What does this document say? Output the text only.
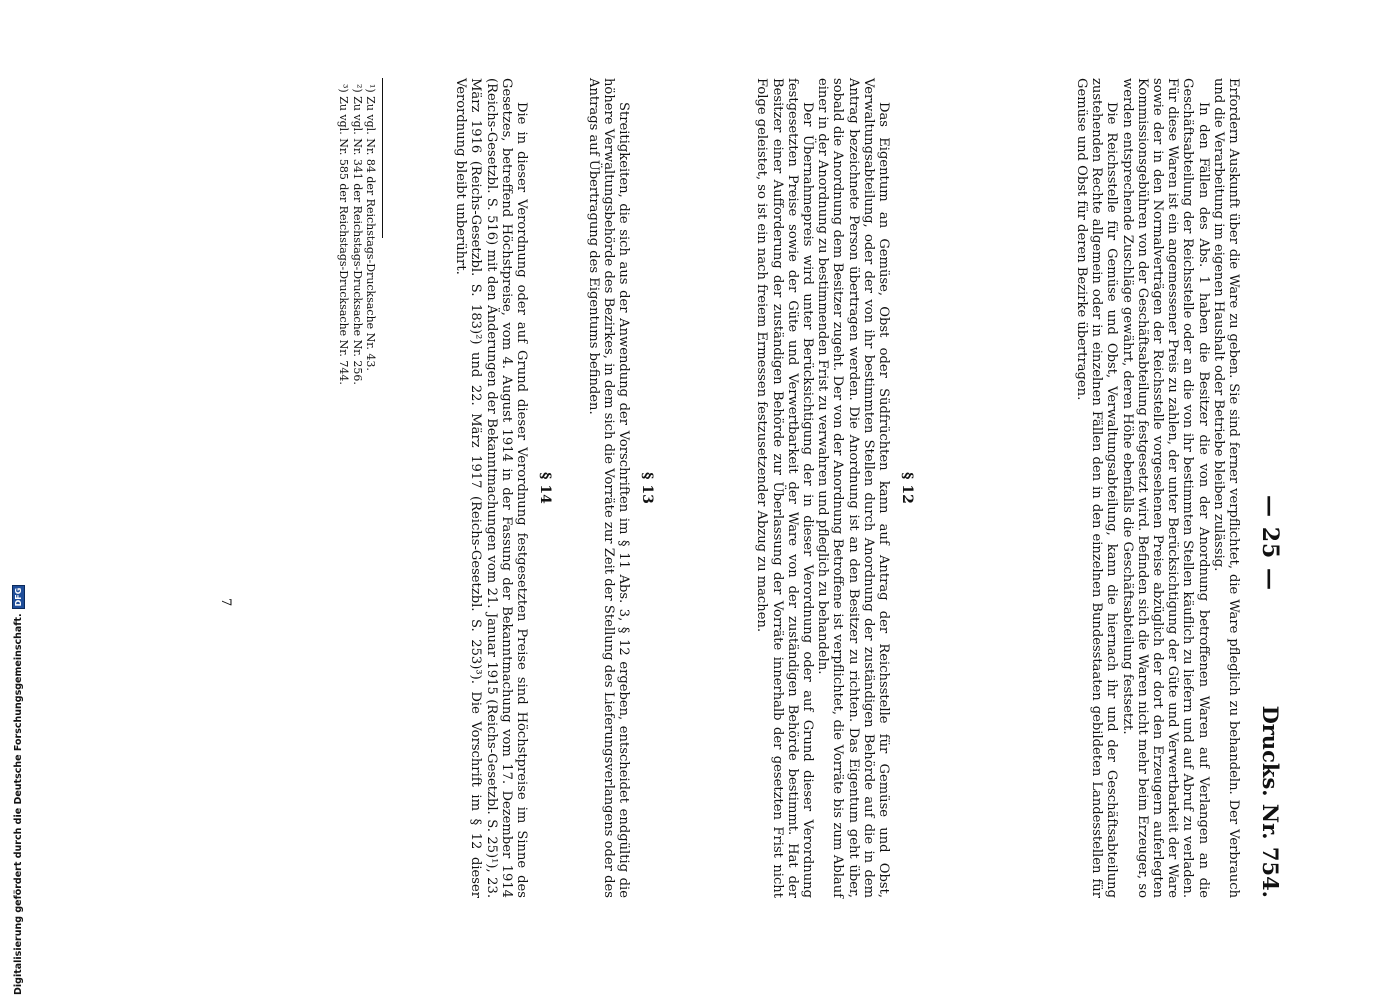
— 25 —
Drucks. Nr. 754.

Erfordern Auskunft über die Ware zu geben. Sie sind ferner verpflichtet, die Ware pfleglich zu behandeln. Der Verbrauch und die Verarbeitung im eigenen Haushalt oder Betriebe bleiben zulässig.

In den Fällen des Abs. 1 haben die Besitzer die von der Anordnung betroffenen Waren auf Verlangen an die Geschäftsabteilung der Reichsstelle oder an die von ihr bestimmten Stellen käuflich zu liefern und auf Abruf zu verladen. Für diese Waren ist ein angemessener Preis zu zahlen, der unter Berücksichtigung der Güte und Verwertbarkeit der Ware sowie der in den Normalverträgen der Reichsstelle vorgesehenen Preise abzüglich der dort den Erzeugern auferlegten Kommissionsgebühren von der Geschäftsabteilung festgesetzt wird. Befinden sich die Waren nicht mehr beim Erzeuger, so werden entsprechende Zuschläge gewährt, deren Höhe ebenfalls die Geschäftsabteilung festsetzt.

Die Reichsstelle für Gemüse und Obst, Verwaltungsabteilung, kann die hiernach ihr und der Geschäftsabteilung zustehenden Rechte allgemein oder in einzelnen Fällen den in den einzelnen Bundesstaaten gebildeten Landesstellen für Gemüse und Obst für deren Bezirke übertragen.

§ 12

Das Eigentum an Gemüse, Obst oder Südfrüchten kann auf Antrag der Reichsstelle für Gemüse und Obst, Verwaltungsabteilung, oder der von ihr bestimmten Stellen durch Anordnung der zuständigen Behörde auf die in dem Antrag bezeichnete Person übertragen werden. Die Anordnung ist an den Besitzer zu richten. Das Eigentum geht über, sobald die Anordnung dem Besitzer zugeht. Der von der Anordnung Betroffene ist verpflichtet, die Vorräte bis zum Ablauf einer in der Anordnung zu bestimmenden Frist zu verwahren und pfleglich zu behandeln.

Der Übernahmepreis wird unter Berücksichtigung der in dieser Verordnung oder auf Grund dieser Verordnung festgesetzten Preise sowie der Güte und Verwertbarkeit der Ware von der zuständigen Behörde bestimmt. Hat der Besitzer einer Aufforderung der zuständigen Behörde zur Überlassung der Vorräte innerhalb der gesetzten Frist nicht Folge geleistet, so ist ein nach freiem Ermessen festzusetzender Abzug zu machen.

§ 13

Streitigkeiten, die sich aus der Anwendung der Vorschriften im § 11 Abs. 3, § 12 ergeben, entscheidet endgültig die höhere Verwaltungsbehörde des Bezirkes, in dem sich die Vorräte zur Zeit der Stellung des Lieferungsverlangens oder des Antrags auf Übertragung des Eigentums befinden.

§ 14

Die in dieser Verordnung oder auf Grund dieser Verordnung festgesetzten Preise sind Höchstpreise im Sinne des Gesetzes, betreffend Höchstpreise, vom 4. August 1914 in der Fassung der Bekanntmachung vom 17. Dezember 1914 (Reichs-Gesetzbl. S. 516) mit den Änderungen der Bekanntmachungen vom 21. Januar 1915 (Reichs-Gesetzbl. S. 25)¹), 23. März 1916 (Reichs-Gesetzbl. S. 183)²) und 22. März 1917 (Reichs-Gesetzbl. S. 253)³). Die Vorschrift im § 12 dieser Verordnung bleibt unberührt.

¹) Zu vgl. Nr. 84 der Reichstags-Drucksache Nr. 43.
²) Zu vgl. Nr. 341 der Reichstags-Drucksache Nr. 256.
³) Zu vgl. Nr. 585 der Reichstags-Drucksache Nr. 744.
7
Digitalisierung gefördert durch die Deutsche Forschungsgemeinschaft.
DFG
